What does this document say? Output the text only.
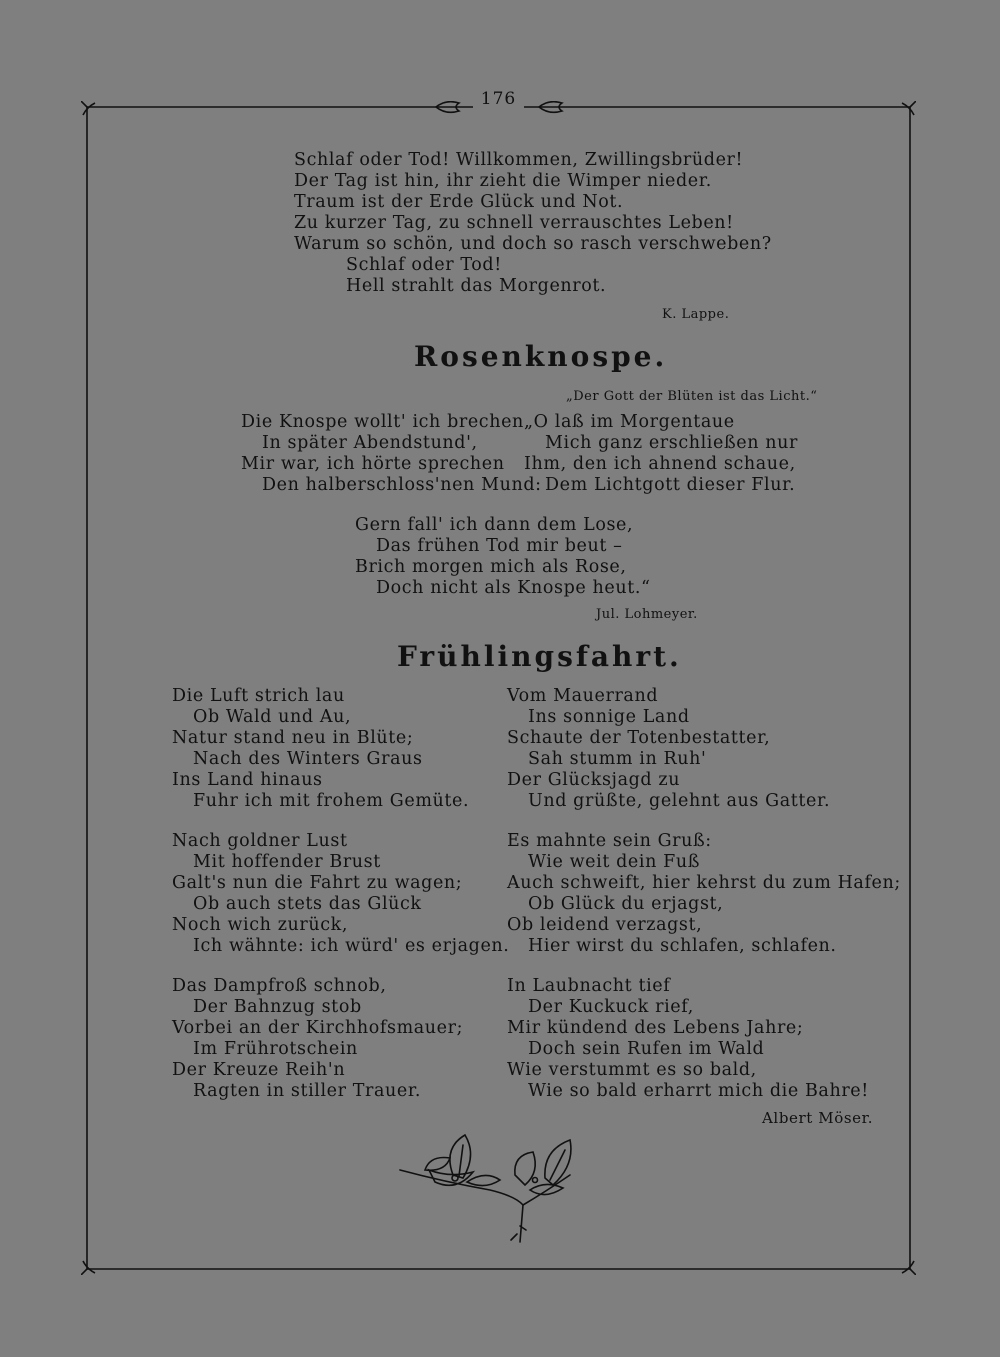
176
Schlaf oder Tod! Willkommen, Zwillingsbrüder!
Der Tag ist hin, ihr zieht die Wimper nieder.
Traum ist der Erde Glück und Not.
Zu kurzer Tag, zu schnell verrauschtes Leben!
Warum so schön, und doch so rasch verschweben?
Schlaf oder Tod!
Hell strahlt das Morgenrot.
K. Lappe.
Rosenknospe.
„Der Gott der Blüten ist das Licht.“
Die Knospe wollt' ich brechen
In später Abendstund',
Mir war, ich hörte sprechen
Den halberschloss'nen Mund:
„O laß im Morgentaue
Mich ganz erschließen nur
Ihm, den ich ahnend schaue,
Dem Lichtgott dieser Flur.
Gern fall' ich dann dem Lose,
Das frühen Tod mir beut –
Brich morgen mich als Rose,
Doch nicht als Knospe heut.“
Jul. Lohmeyer.
Frühlingsfahrt.
Die Luft strich lau
Ob Wald und Au,
Natur stand neu in Blüte;
Nach des Winters Graus
Ins Land hinaus
Fuhr ich mit frohem Gemüte.
Nach goldner Lust
Mit hoffender Brust
Galt's nun die Fahrt zu wagen;
Ob auch stets das Glück
Noch wich zurück,
Ich wähnte: ich würd' es erjagen.
Das Dampfroß schnob,
Der Bahnzug stob
Vorbei an der Kirchhofsmauer;
Im Frührotschein
Der Kreuze Reih'n
Ragten in stiller Trauer.
Vom Mauerrand
Ins sonnige Land
Schaute der Totenbestatter,
Sah stumm in Ruh'
Der Glücksjagd zu
Und grüßte, gelehnt aus Gatter.
Es mahnte sein Gruß:
Wie weit dein Fuß
Auch schweift, hier kehrst du zum Hafen;
Ob Glück du erjagst,
Ob leidend verzagst,
Hier wirst du schlafen, schlafen.
In Laubnacht tief
Der Kuckuck rief,
Mir kündend des Lebens Jahre;
Doch sein Rufen im Wald
Wie verstummt es so bald,
Wie so bald erharrt mich die Bahre!
Albert Möser.
